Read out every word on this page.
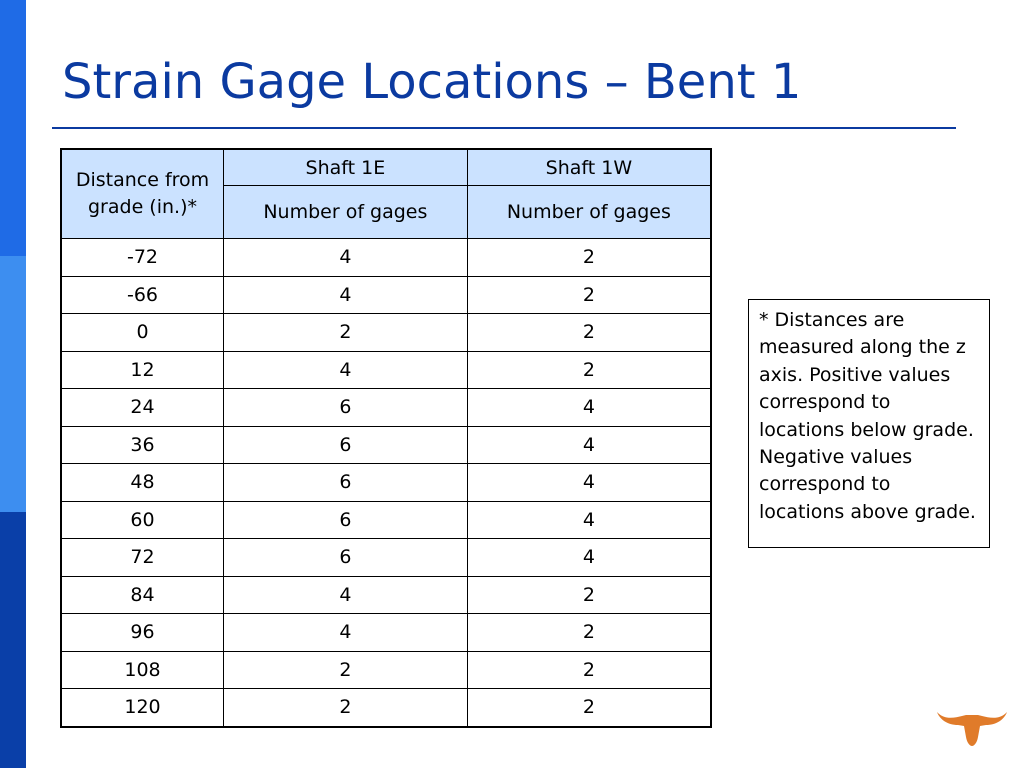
Strain Gage Locations – Bent 1
Distance from grade (in.)*	Shaft 1E	Shaft 1W
	Number of gages	Number of gages
-72	4	2
-66	4	2
0	2	2
12	4	2
24	6	4
36	6	4
48	6	4
60	6	4
72	6	4
84	4	2
96	4	2
108	2	2
120	2	2
* Distances are measured along the z axis. Positive values correspond to locations below grade.  Negative values correspond to locations above grade.
